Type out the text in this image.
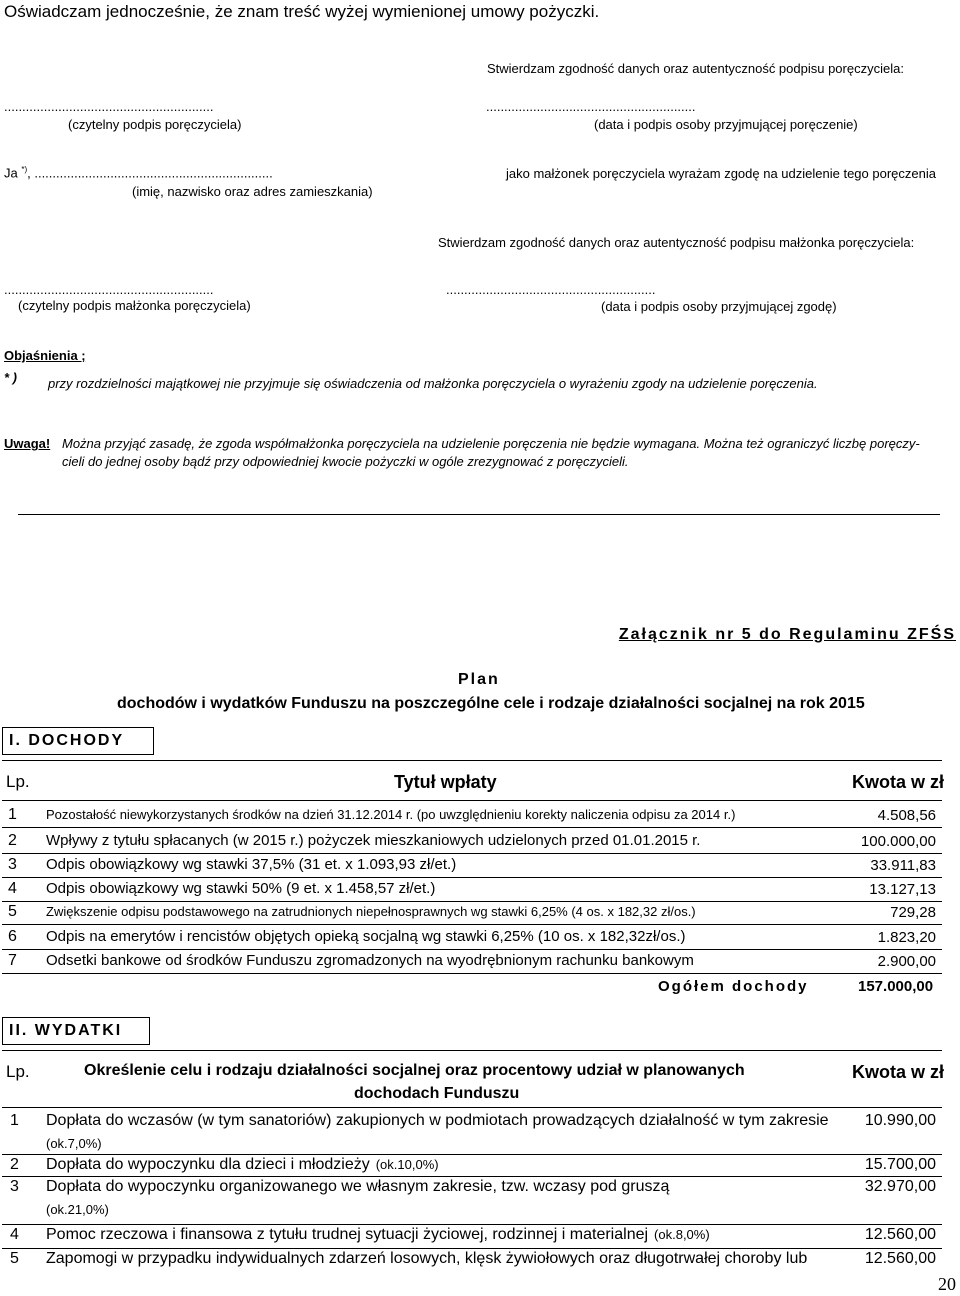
Oświadczam jednocześnie, że znam treść wyżej wymienionej umowy pożyczki.
Stwierdzam zgodność danych oraz autentyczność podpisu poręczyciela:
..........................................................	..........................................................
(czytelny podpis poręczyciela)	(data i podpis osoby przyjmującej poręczenie)
Ja *), ..................................................................	jako małżonek poręczyciela wyrażam zgodę na udzielenie tego poręczenia
(imię, nazwisko oraz adres zamieszkania)
Stwierdzam zgodność danych oraz autentyczność podpisu małżonka poręczyciela:
..........................................................	..........................................................
(czytelny podpis małżonka poręczyciela)	(data i podpis osoby przyjmującej zgodę)
Objaśnienia ;
* ) przy rozdzielności majątkowej nie przyjmuje się oświadczenia od małżonka poręczyciela o wyrażeniu zgody na udzielenie poręczenia.
Uwaga! Można przyjąć zasadę, że zgoda współmałżonka poręczyciela na udzielenie poręczenia nie będzie wymagana. Można też ograniczyć liczbę poręczy-
cieli do jednej osoby bądź przy odpowiedniej kwocie pożyczki w ogóle zrezygnować z poręczycieli.
Załącznik nr 5 do Regulaminu ZFŚS
Plan
dochodów i wydatków Funduszu na poszczególne cele i rodzaje działalności socjalnej na rok 2015
I. DOCHODY
Lp.	Tytuł wpłaty	Kwota w zł
1 Pozostałość niewykorzystanych środków na dzień 31.12.2014 r. (po uwzględnieniu korekty naliczenia odpisu za 2014 r.)	4.508,56
2 Wpływy z tytułu spłacanych (w 2015 r.) pożyczek mieszkaniowych udzielonych przed 01.01.2015 r.	100.000,00
3 Odpis obowiązkowy wg stawki 37,5% (31 et. x 1.093,93 zł/et.)	33.911,83
4 Odpis obowiązkowy wg stawki 50% (9 et. x 1.458,57 zł/et.)	13.127,13
5 Zwiększenie odpisu podstawowego na zatrudnionych niepełnosprawnych wg stawki 6,25% (4 os. x 182,32 zł/os.)	729,28
6 Odpis na emerytów i rencistów objętych opieką socjalną wg stawki 6,25% (10 os. x 182,32zł/os.)	1.823,20
7 Odsetki bankowe od środków Funduszu zgromadzonych na wyodrębnionym rachunku bankowym	2.900,00
Ogółem dochody	157.000,00
II. WYDATKI
Lp.	Określenie celu i rodzaju działalności socjalnej oraz procentowy udział w planowanych
dochodach Funduszu
Kwota w zł
1 Dopłata do wczasów (w tym sanatoriów) zakupionych w podmiotach prowadzących działalność w tym zakresie
(ok.7,0%)
10.990,00
2 Dopłata do wypoczynku dla dzieci i młodzieży (ok.10,0%)	15.700,00
3 Dopłata do wypoczynku organizowanego we własnym zakresie, tzw. wczasy pod gruszą
(ok.21,0%)
32.970,00
4 Pomoc rzeczowa i finansowa z tytułu trudnej sytuacji życiowej, rodzinnej i materialnej (ok.8,0%)	12.560,00
5 Zapomogi w przypadku indywidualnych zdarzeń losowych, klęsk żywiołowych oraz długotrwałej choroby lub	12.560,00
20
